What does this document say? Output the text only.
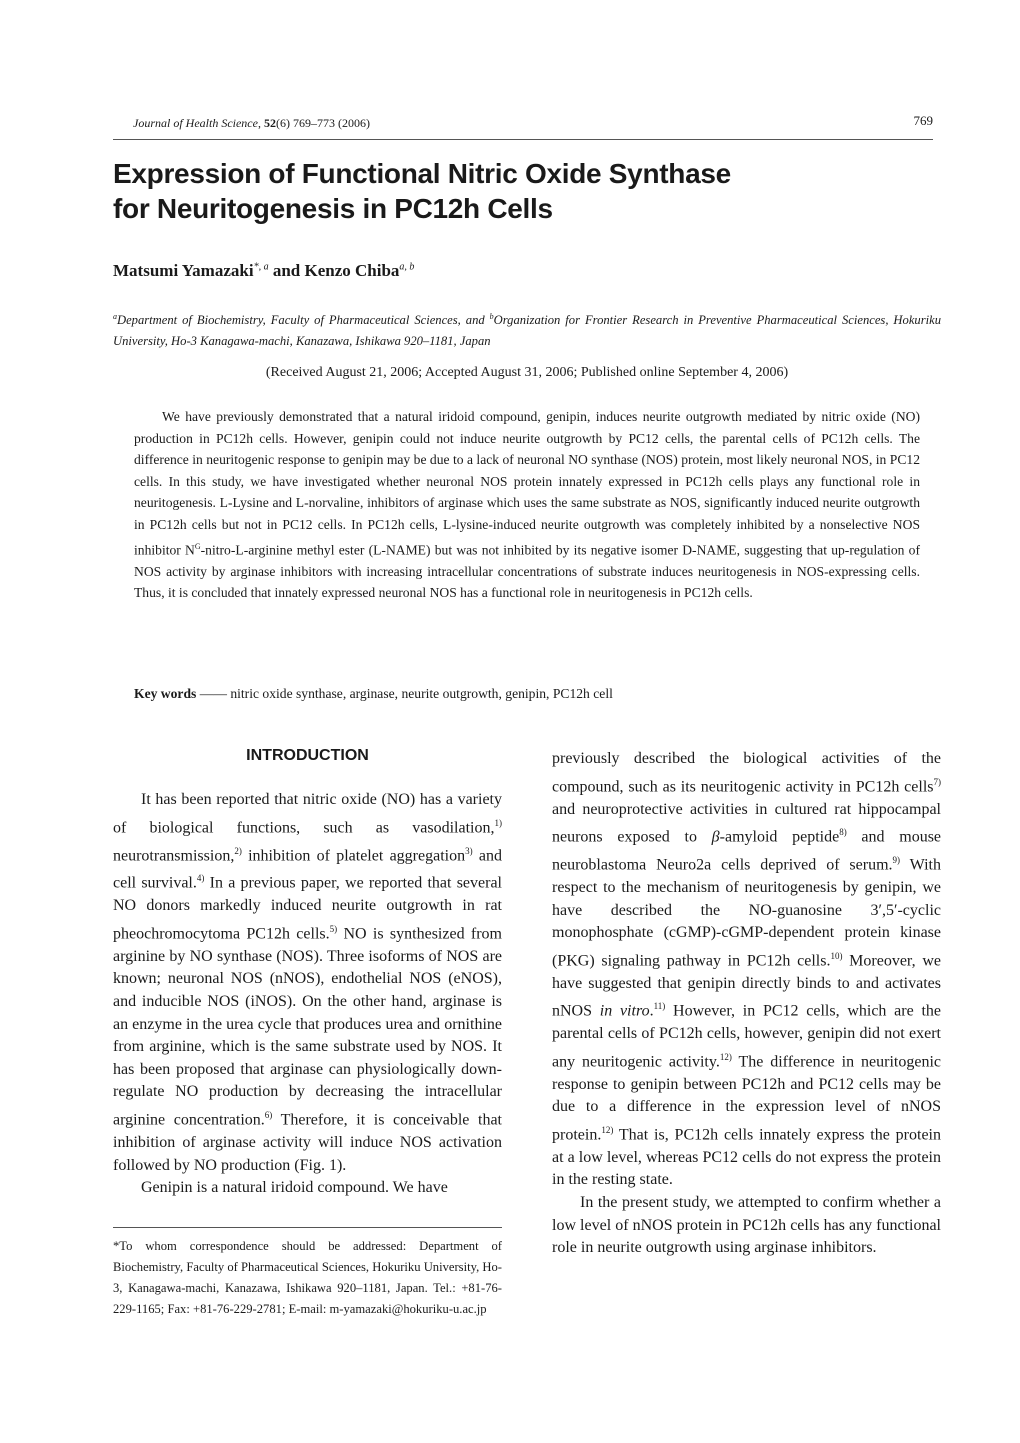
Journal of Health Science, 52(6) 769–773 (2006)	769
Expression of Functional Nitric Oxide Synthase
for Neuritogenesis in PC12h Cells
Matsumi Yamazaki$^{*, a}$ and Kenzo Chiba$^{a, b}$
$^a$Department of Biochemistry, Faculty of Pharmaceutical Sciences, and $^b$Organization for Frontier Research in Preventive Pharmaceutical Sciences, Hokuriku University, Ho-3 Kanagawa-machi, Kanazawa, Ishikawa 920–1181, Japan
(Received August 21, 2006; Accepted August 31, 2006; Published online September 4, 2006)

We have previously demonstrated that a natural iridoid compound, genipin, induces neurite outgrowth mediated by nitric oxide (NO) production in PC12h cells. However, genipin could not induce neurite outgrowth by PC12 cells, the parental cells of PC12h cells. The difference in neuritogenic response to genipin may be due to a lack of neuronal NO synthase (NOS) protein, most likely neuronal NOS, in PC12 cells. In this study, we have investigated whether neuronal NOS protein innately expressed in PC12h cells plays any functional role in neuritogenesis. L-Lysine and L-norvaline, inhibitors of arginase which uses the same substrate as NOS, significantly induced neurite outgrowth in PC12h cells but not in PC12 cells. In PC12h cells, L-lysine-induced neurite outgrowth was completely inhibited by a nonselective NOS inhibitor $N^G-nitro-L$-arginine methyl ester (L-NAME) but was not inhibited by its negative isomer D-NAME, suggesting that up-regulation of NOS activity by arginase inhibitors with increasing intracellular concentrations of substrate induces neuritogenesis in NOS-expressing cells. Thus, it is concluded that innately expressed neuronal NOS has a functional role in neuritogenesis in PC12h cells.

Key words —— nitric oxide synthase, arginase, neurite outgrowth, genipin, PC12h cell
INTRODUCTION

It has been reported that nitric oxide (NO) has a variety of biological functions, such as vasodilation,$^{1)}$ neurotransmission,$^{2)}$ inhibition of platelet aggregation$^{3)}$ and cell survival.$^{4)}$ In a previous paper, we reported that several NO donors markedly induced neurite outgrowth in rat pheochromocytoma PC12h cells.$^{5)}$ NO is synthesized from arginine by NO synthase (NOS). Three isoforms of NOS are known; neuronal NOS (nNOS), endothelial NOS (eNOS), and inducible NOS (iNOS). On the other hand, arginase is an enzyme in the urea cycle that produces urea and ornithine from arginine, which is the same substrate used by NOS. It has been proposed that arginase can physiologically down-regulate NO production by decreasing the intracellular arginine concentration.$^{6)}$ Therefore, it is conceivable that inhibition of arginase activity will induce NOS activation followed by NO production (Fig. 1).

Genipin is a natural iridoid compound. We have

*To whom correspondence should be addressed: Department of Biochemistry, Faculty of Pharmaceutical Sciences, Hokuriku University, Ho-3, Kanagawa-machi, Kanazawa, Ishikawa 920–1181, Japan. Tel.: +81-76-229-1165; Fax: +81-76-229-2781; E-mail: m-yamazaki@hokuriku-u.ac.jp

previously described the biological activities of the compound, such as its neuritogenic activity in PC12h cells$^{7)}$ and neuroprotective activities in cultured rat hippocampal neurons exposed to β-amyloid peptide$^{8)}$ and mouse neuroblastoma Neuro2a cells deprived of serum.$^{9)}$ With respect to the mechanism of neuritogenesis by genipin, we have described the NO-guanosine 3′,5′-cyclic monophosphate (cGMP)-cGMP-dependent protein kinase (PKG) signaling pathway in PC12h cells.$^{10)}$ Moreover, we have suggested that genipin directly binds to and activates nNOS in vitro.$^{11)}$ However, in PC12 cells, which are the parental cells of PC12h cells, however, genipin did not exert any neuritogenic activity.$^{12)}$ The difference in neuritogenic response to genipin between PC12h and PC12 cells may be due to a difference in the expression level of nNOS protein.$^{12)}$ That is, PC12h cells innately express the protein at a low level, whereas PC12 cells do not express the protein in the resting state.

In the present study, we attempted to confirm whether a low level of nNOS protein in PC12h cells has any functional role in neurite outgrowth using arginase inhibitors.
